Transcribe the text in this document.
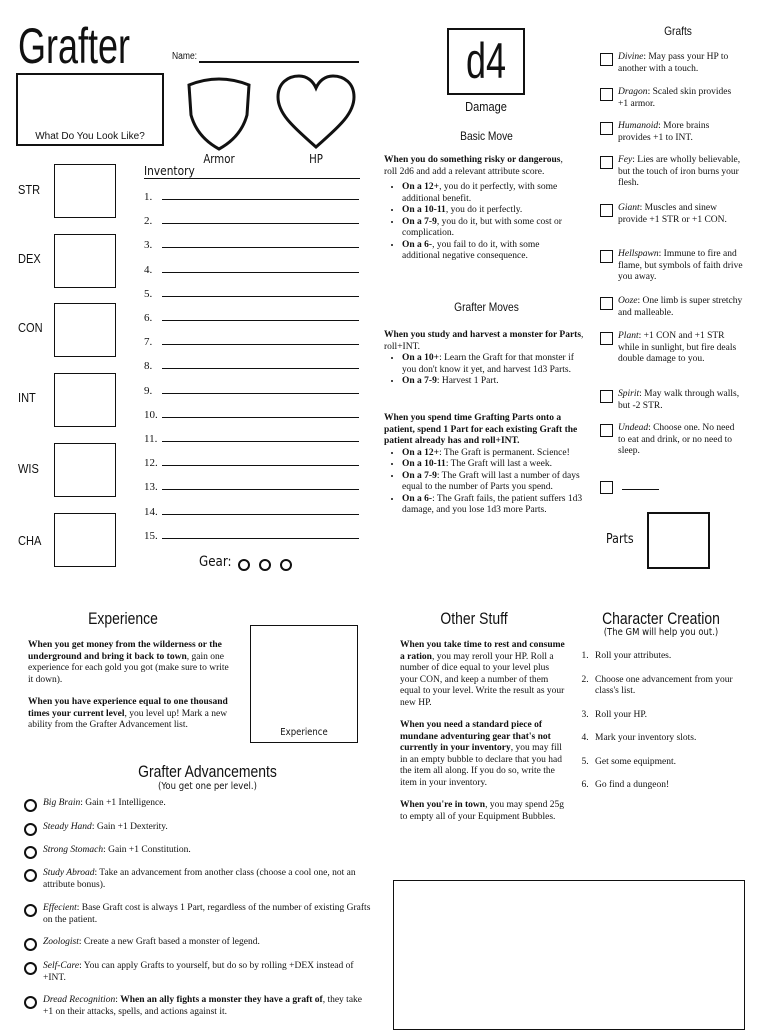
Grafter	Name:
What Do You Look Like?
Armor	HP
d4
Damage
STR
DEX
CON
INT
WIS
CHA
Inventory
1.
2.
3.
4.
5.
6.
7.
8.
9.
10.
11.
12.
13.
14.
15.
Gear:
Basic Move
When you do something risky or dangerous, roll 2d6 and add a relevant attribute score.
• On a 12+, you do it perfectly, with some additional benefit.
• On a 10-11, you do it perfectly.
• On a 7-9, you do it, but with some cost or complication.
• On a 6-, you fail to do it, with some additional negative consequence.
Grafter Moves
When you study and harvest a monster for Parts, roll+INT.
• On a 10+: Learn the Graft for that monster if you don't know it yet, and harvest 1d3 Parts.
• On a 7-9: Harvest 1 Part.
When you spend time Grafting Parts onto a patient, spend 1 Part for each existing Graft the patient already has and roll+INT.
• On a 12+: The Graft is permanent. Science!
• On a 10-11: The Graft will last a week.
• On a 7-9: The Graft will last a number of days equal to the number of Parts you spend.
• On a 6-: The Graft fails, the patient suffers 1d3 damage, and you lose 1d3 more Parts.
Grafts
Divine: May pass your HP to another with a touch.
Dragon: Scaled skin provides +1 armor.
Humanoid: More brains provides +1 to INT.
Fey: Lies are wholly believable, but the touch of iron burns your flesh.
Giant: Muscles and sinew provide +1 STR or +1 CON.
Hellspawn: Immune to fire and flame, but symbols of faith drive you away.
Ooze: One limb is super stretchy and malleable.
Plant: +1 CON and +1 STR while in sunlight, but fire deals double damage to you.
Spirit: May walk through walls, but -2 STR.
Undead: Choose one. No need to eat and drink, or no need to sleep.
Parts
Experience
When you get money from the wilderness or the underground and bring it back to town, gain one experience for each gold you got (make sure to write it down).
When you have experience equal to one thousand times your current level, you level up! Mark a new ability from the Grafter Advancement list.
Experience
Grafter Advancements
(You get one per level.)
Big Brain: Gain +1 Intelligence.
Steady Hand: Gain +1 Dexterity.
Strong Stomach: Gain +1 Constitution.
Study Abroad: Take an advancement from another class (choose a cool one, not an attribute bonus).
Effecient: Base Graft cost is always 1 Part, regardless of the number of existing Grafts on the patient.
Zoologist: Create a new Graft based a monster of legend.
Self-Care: You can apply Grafts to yourself, but do so by rolling +DEX instead of +INT.
Dread Recognition: When an ally fights a monster they have a graft of, they take +1 on their attacks, spells, and actions against it.
Other Stuff
When you take time to rest and consume a ration, you may reroll your HP. Roll a number of dice equal to your level plus your CON, and keep a number of them equal to your level. Write the result as your new HP.
When you need a standard piece of mundane adventuring gear that's not currently in your inventory, you may fill in an empty bubble to declare that you had the item all along. If you do so, write the item in your inventory.
When you're in town, you may spend 25g to empty all of your Equipment Bubbles.
Character Creation
(The GM will help you out.)
1. Roll your attributes.
2. Choose one advancement from your class's list.
3. Roll your HP.
4. Mark your inventory slots.
5. Get some equipment.
6. Go find a dungeon!
